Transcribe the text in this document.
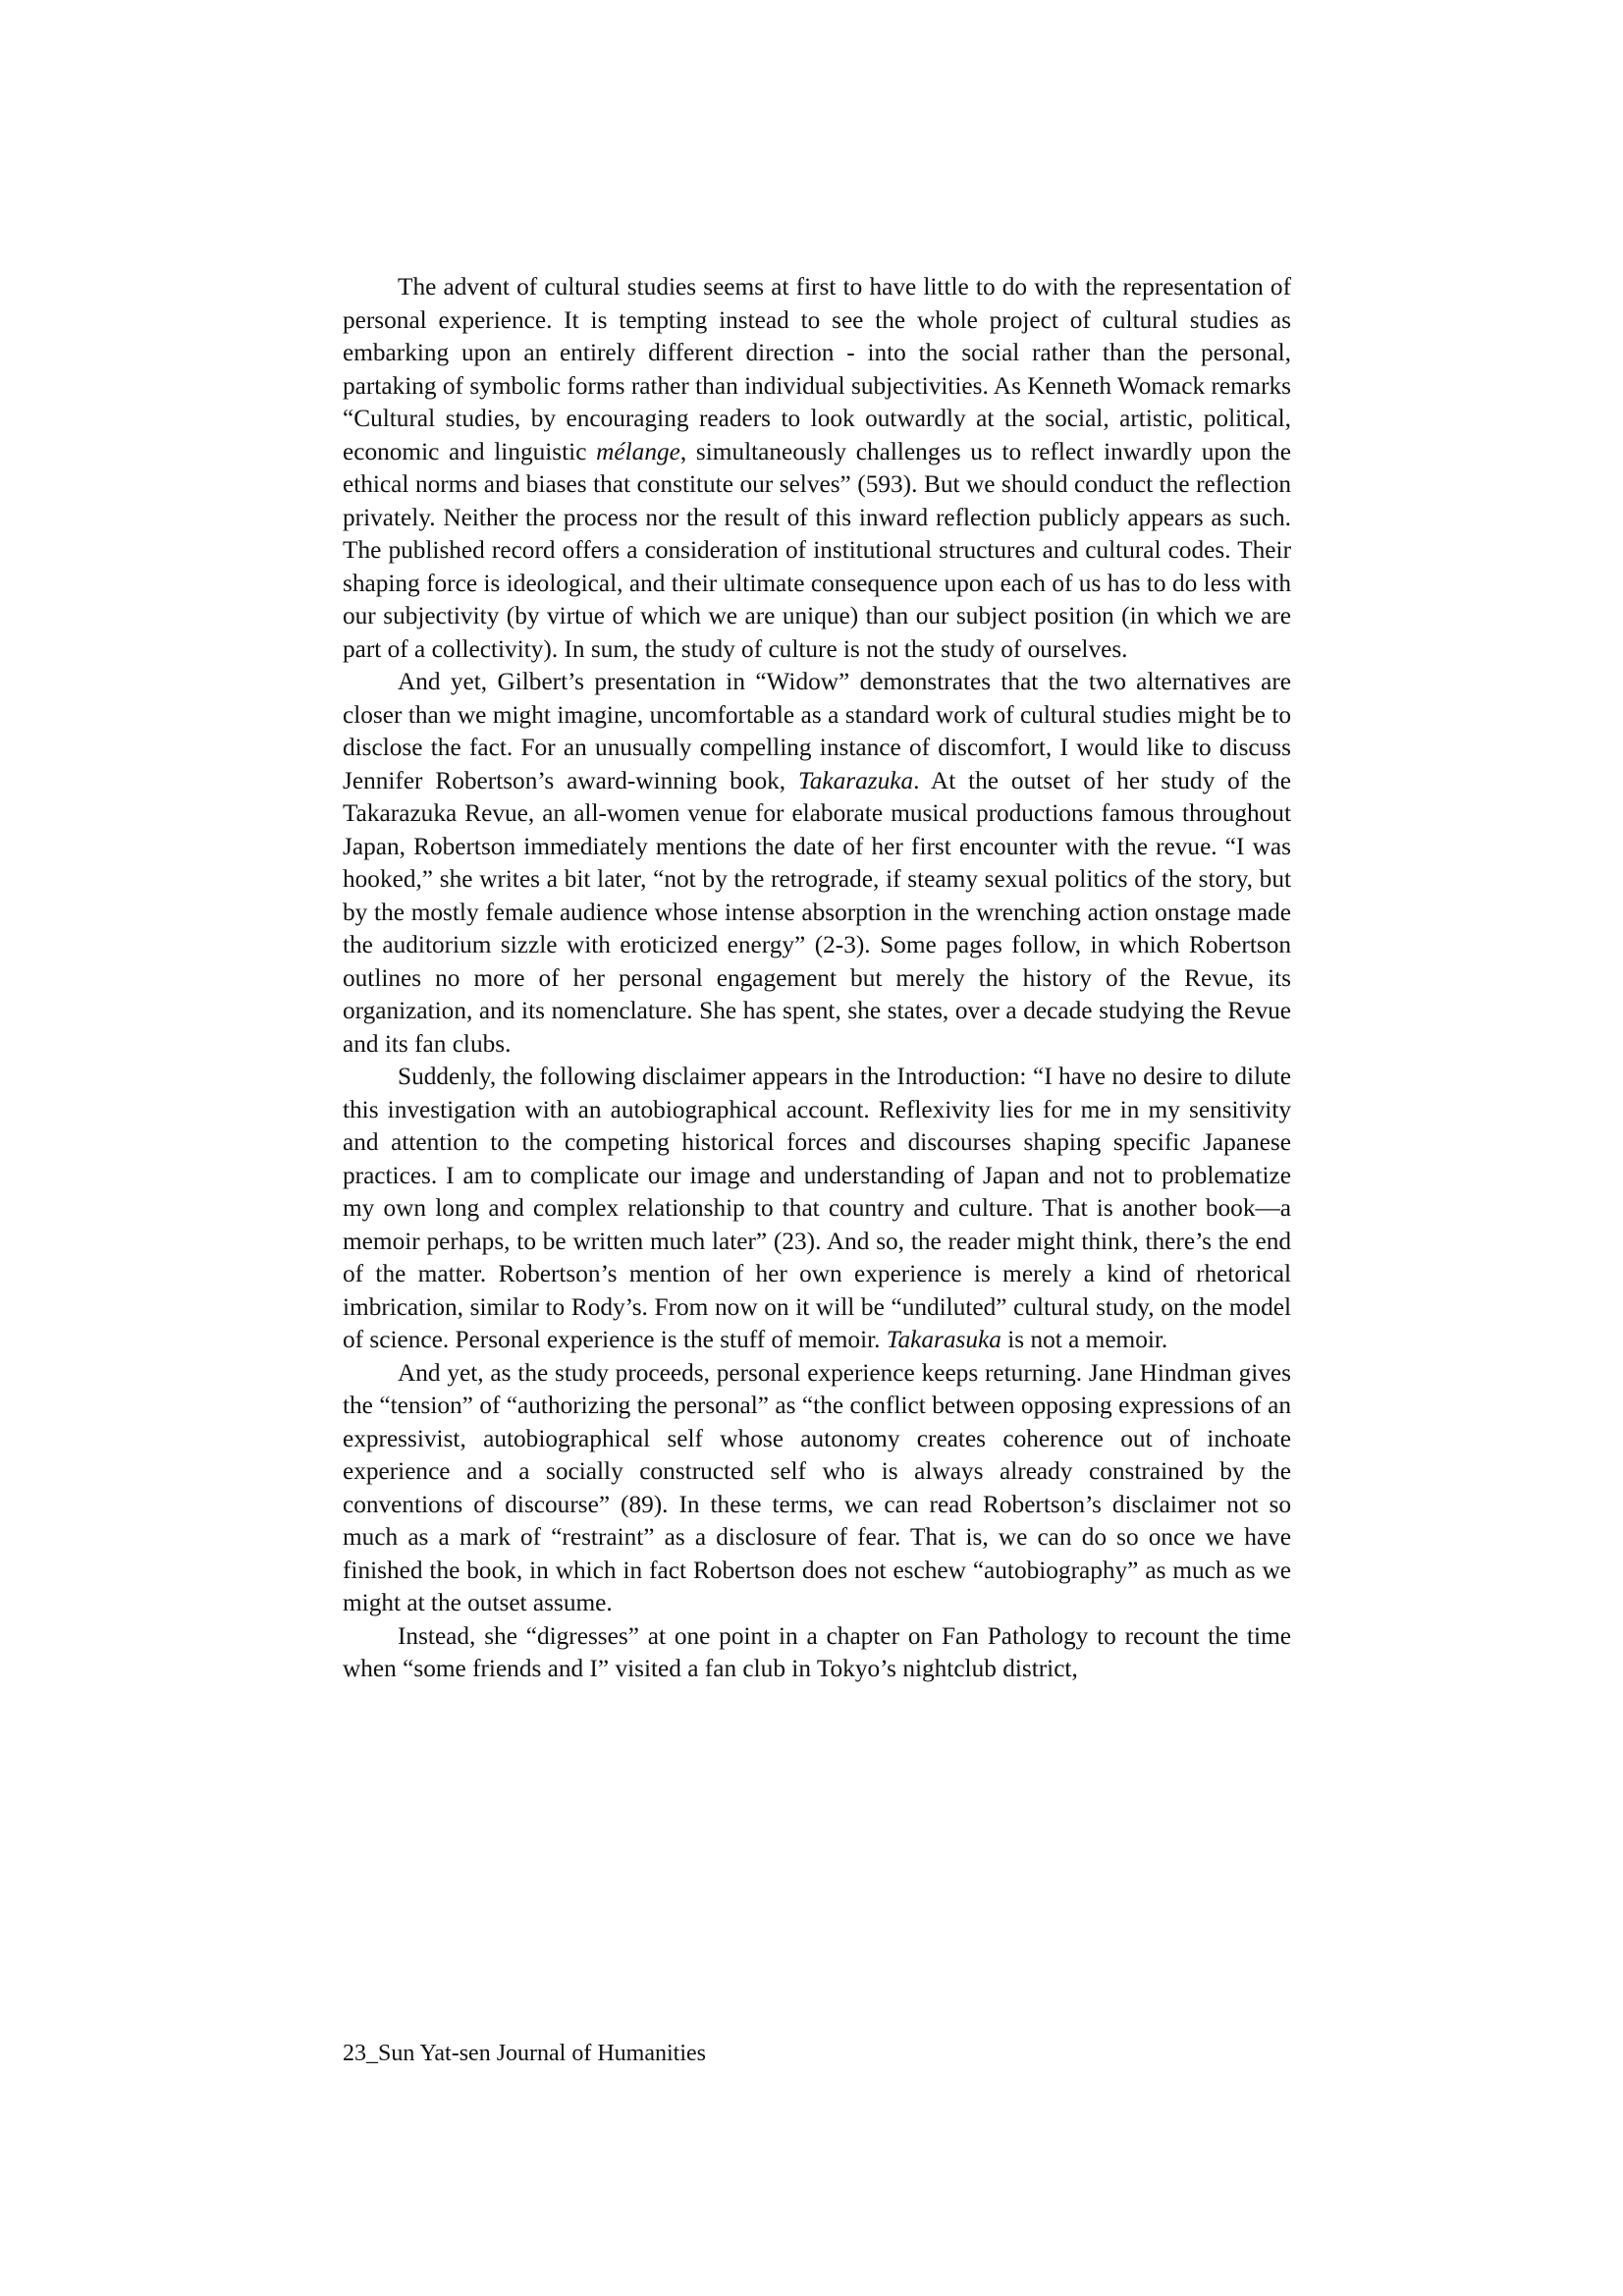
The advent of cultural studies seems at first to have little to do with the representation of personal experience. It is tempting instead to see the whole project of cultural studies as embarking upon an entirely different direction - into the social rather than the personal, partaking of symbolic forms rather than individual subjectivities. As Kenneth Womack remarks “Cultural studies, by encouraging readers to look outwardly at the social, artistic, political, economic and linguistic mélange, simultaneously challenges us to reflect inwardly upon the ethical norms and biases that constitute our selves” (593). But we should conduct the reflection privately. Neither the process nor the result of this inward reflection publicly appears as such. The published record offers a consideration of institutional structures and cultural codes. Their shaping force is ideological, and their ultimate consequence upon each of us has to do less with our subjectivity (by virtue of which we are unique) than our subject position (in which we are part of a collectivity). In sum, the study of culture is not the study of ourselves.

And yet, Gilbert’s presentation in “Widow” demonstrates that the two alternatives are closer than we might imagine, uncomfortable as a standard work of cultural studies might be to disclose the fact. For an unusually compelling instance of discomfort, I would like to discuss Jennifer Robertson’s award-winning book, Takarazuka. At the outset of her study of the Takarazuka Revue, an all-women venue for elaborate musical productions famous throughout Japan, Robertson immediately mentions the date of her first encounter with the revue. “I was hooked,” she writes a bit later, “not by the retrograde, if steamy sexual politics of the story, but by the mostly female audience whose intense absorption in the wrenching action onstage made the auditorium sizzle with eroticized energy” (2-3). Some pages follow, in which Robertson outlines no more of her personal engagement but merely the history of the Revue, its organization, and its nomenclature. She has spent, she states, over a decade studying the Revue and its fan clubs.

Suddenly, the following disclaimer appears in the Introduction: “I have no desire to dilute this investigation with an autobiographical account. Reflexivity lies for me in my sensitivity and attention to the competing historical forces and discourses shaping specific Japanese practices. I am to complicate our image and understanding of Japan and not to problematize my own long and complex relationship to that country and culture. That is another book—a memoir perhaps, to be written much later” (23). And so, the reader might think, there’s the end of the matter. Robertson’s mention of her own experience is merely a kind of rhetorical imbrication, similar to Rody’s. From now on it will be “undiluted” cultural study, on the model of science. Personal experience is the stuff of memoir. Takarasuka is not a memoir.

And yet, as the study proceeds, personal experience keeps returning. Jane Hindman gives the “tension” of “authorizing the personal” as “the conflict between opposing expressions of an expressivist, autobiographical self whose autonomy creates coherence out of inchoate experience and a socially constructed self who is always already constrained by the conventions of discourse” (89). In these terms, we can read Robertson’s disclaimer not so much as a mark of “restraint” as a disclosure of fear. That is, we can do so once we have finished the book, in which in fact Robertson does not eschew “autobiography” as much as we might at the outset assume.

Instead, she “digresses” at one point in a chapter on Fan Pathology to recount the time when “some friends and I” visited a fan club in Tokyo’s nightclub district,

23_Sun Yat-sen Journal of Humanities
